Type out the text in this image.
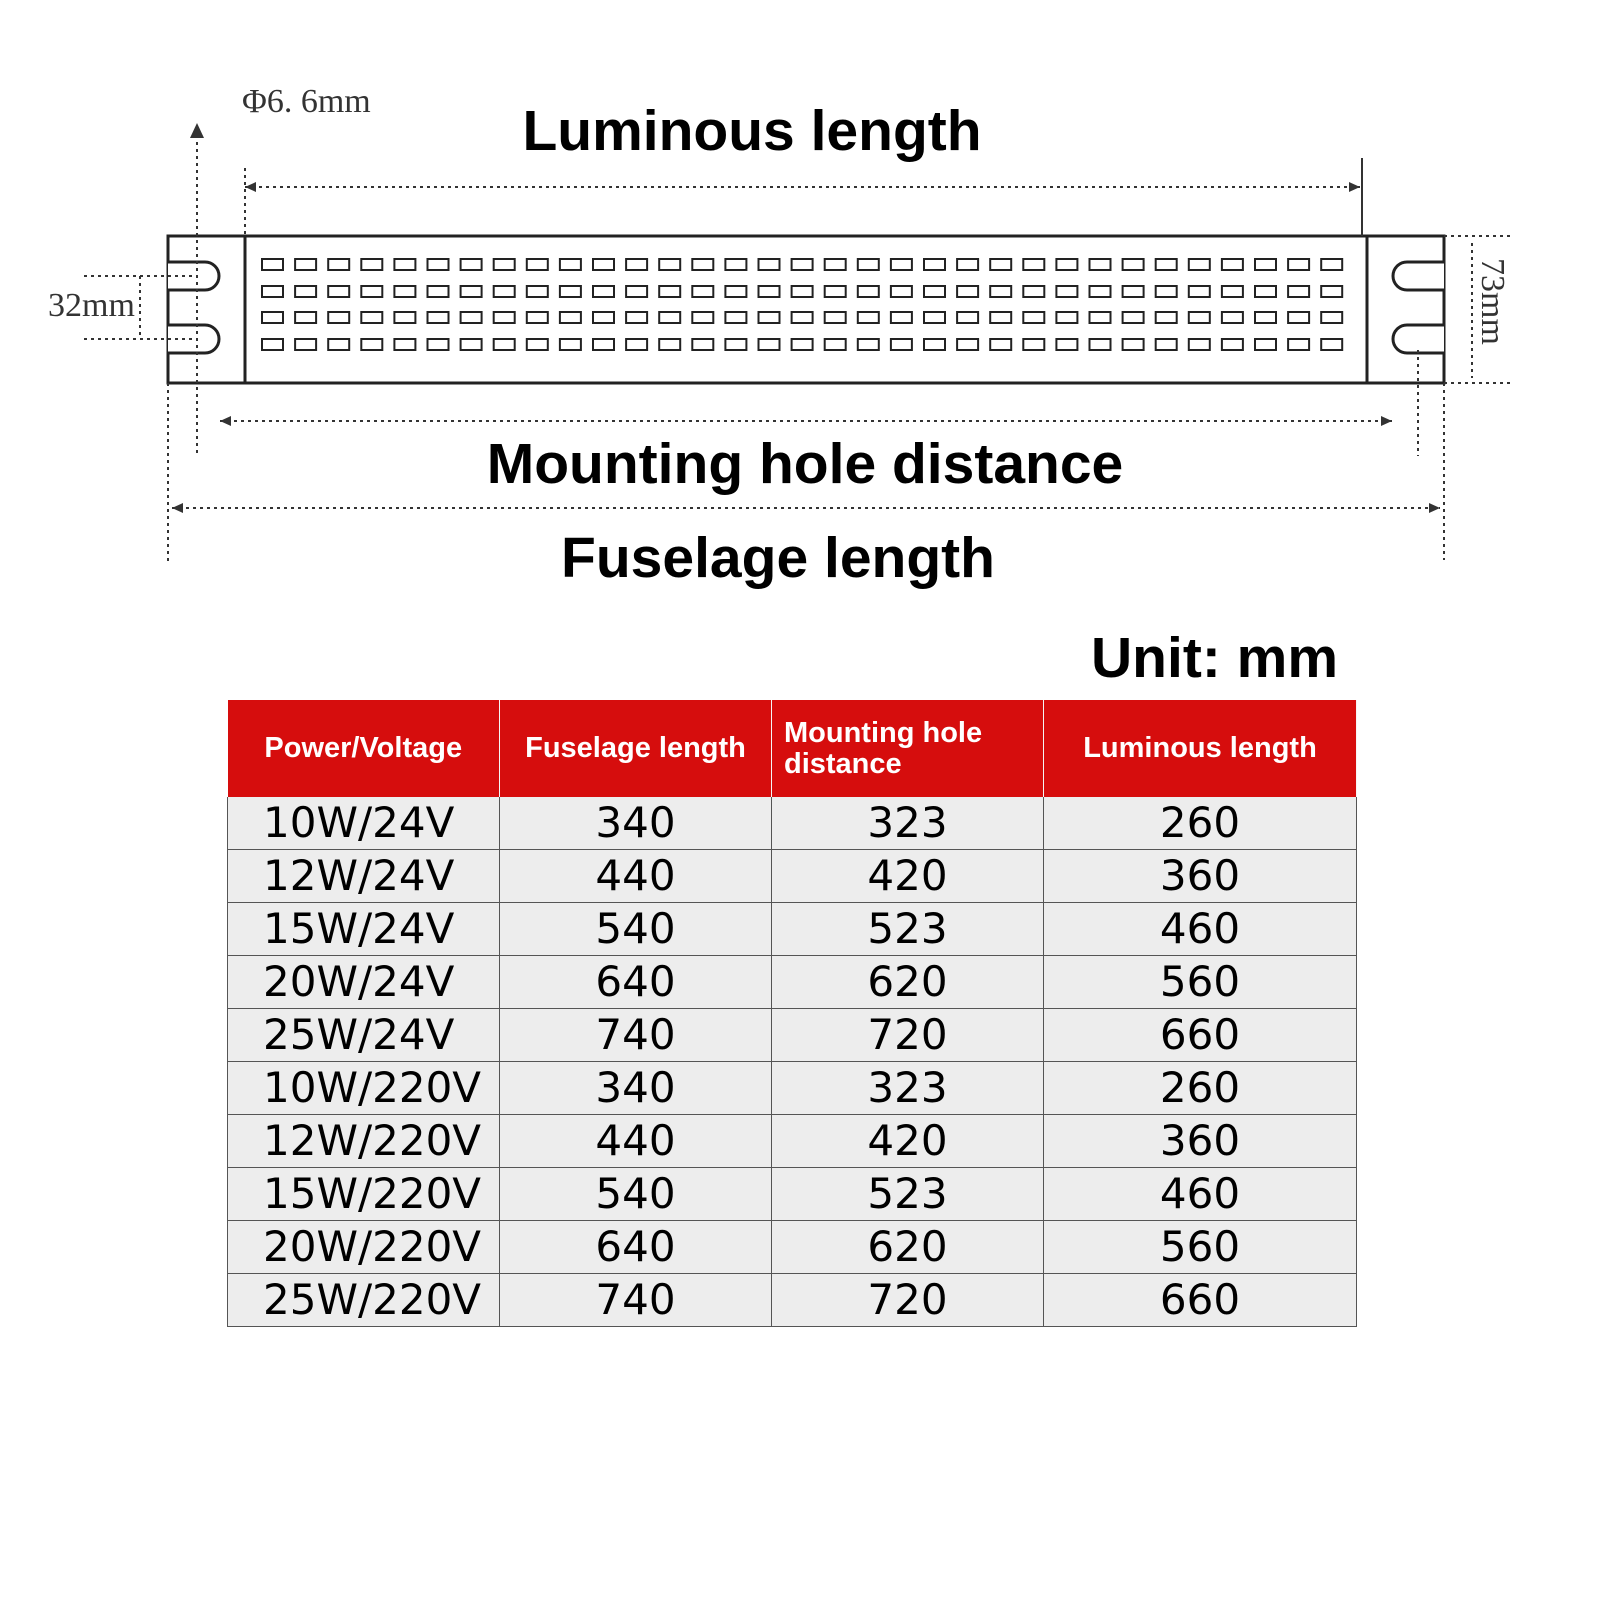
Φ6. 6mm	Luminous length
Mounting hole distance
Fuselage length
32mm	73mm
Unit: mm
Power/Voltage	Fuselage length	Mounting hole distance	Luminous length
10W/24V	340	323	260
12W/24V	440	420	360
15W/24V	540	523	460
20W/24V	640	620	560
25W/24V	740	720	660
10W/220V	340	323	260
12W/220V	440	420	360
15W/220V	540	523	460
20W/220V	640	620	560
25W/220V	740	720	660
